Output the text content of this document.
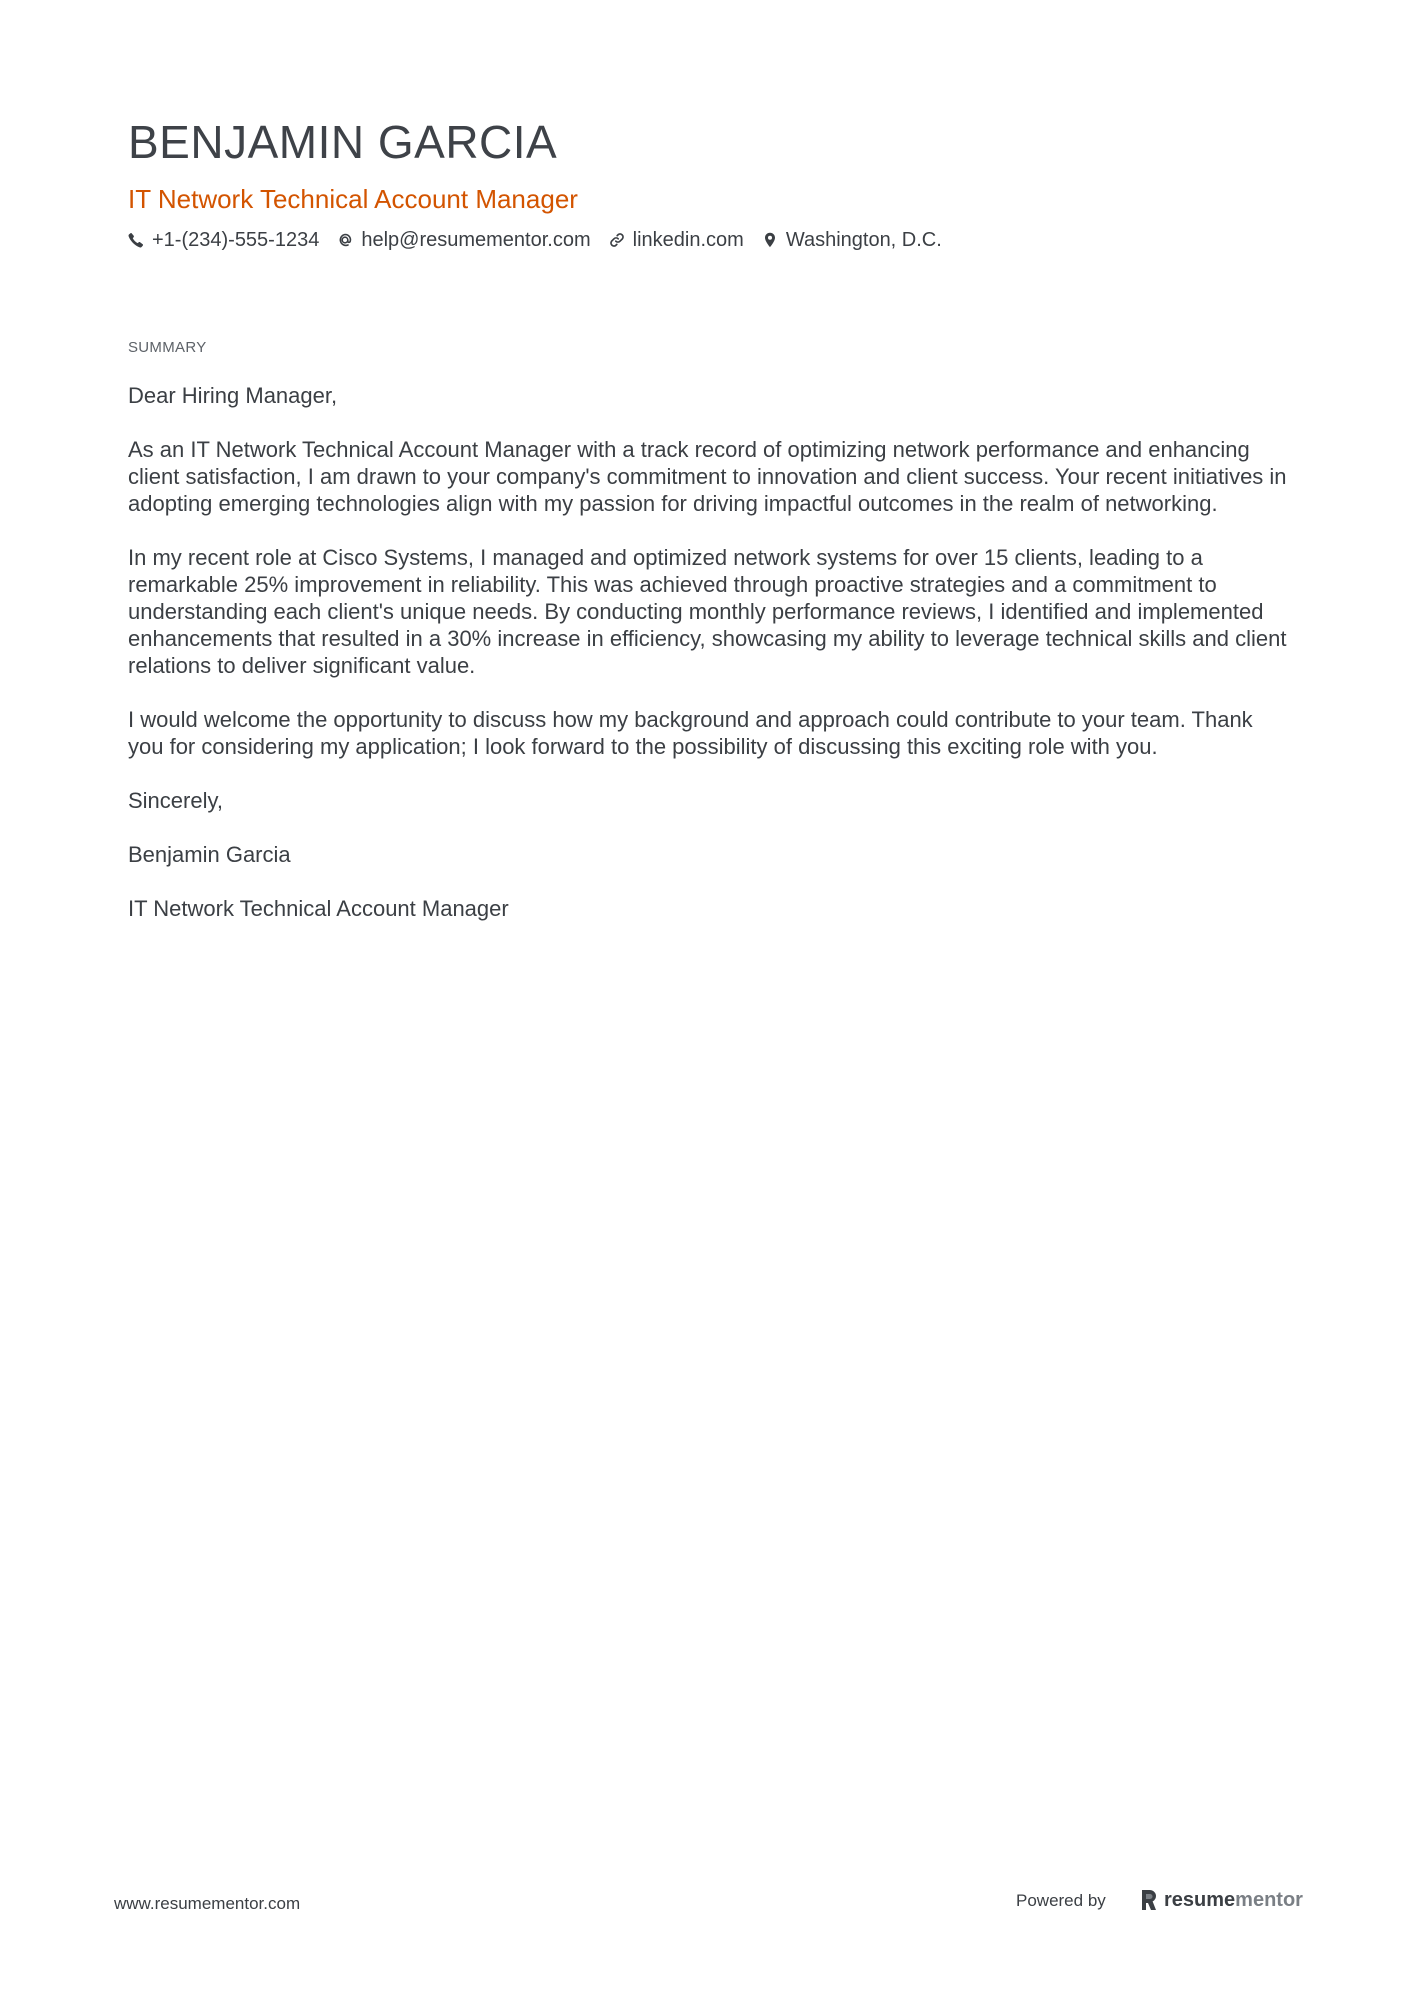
BENJAMIN GARCIA
IT Network Technical Account Manager
+1-(234)-555-1234 help@resumementor.com linkedin.com Washington, D.C.
SUMMARY

Dear Hiring Manager,

As an IT Network Technical Account Manager with a track record of optimizing network performance and enhancing client satisfaction, I am drawn to your company's commitment to innovation and client success. Your recent initiatives in adopting emerging technologies align with my passion for driving impactful outcomes in the realm of networking.

In my recent role at Cisco Systems, I managed and optimized network systems for over 15 clients, leading to a remarkable 25% improvement in reliability. This was achieved through proactive strategies and a commitment to understanding each client's unique needs. By conducting monthly performance reviews, I identified and implemented enhancements that resulted in a 30% increase in efficiency, showcasing my ability to leverage technical skills and client relations to deliver significant value.

I would welcome the opportunity to discuss how my background and approach could contribute to your team. Thank you for considering my application; I look forward to the possibility of discussing this exciting role with you.

Sincerely,

Benjamin Garcia

IT Network Technical Account Manager

www.resumementor.com	Powered by	resumementor
